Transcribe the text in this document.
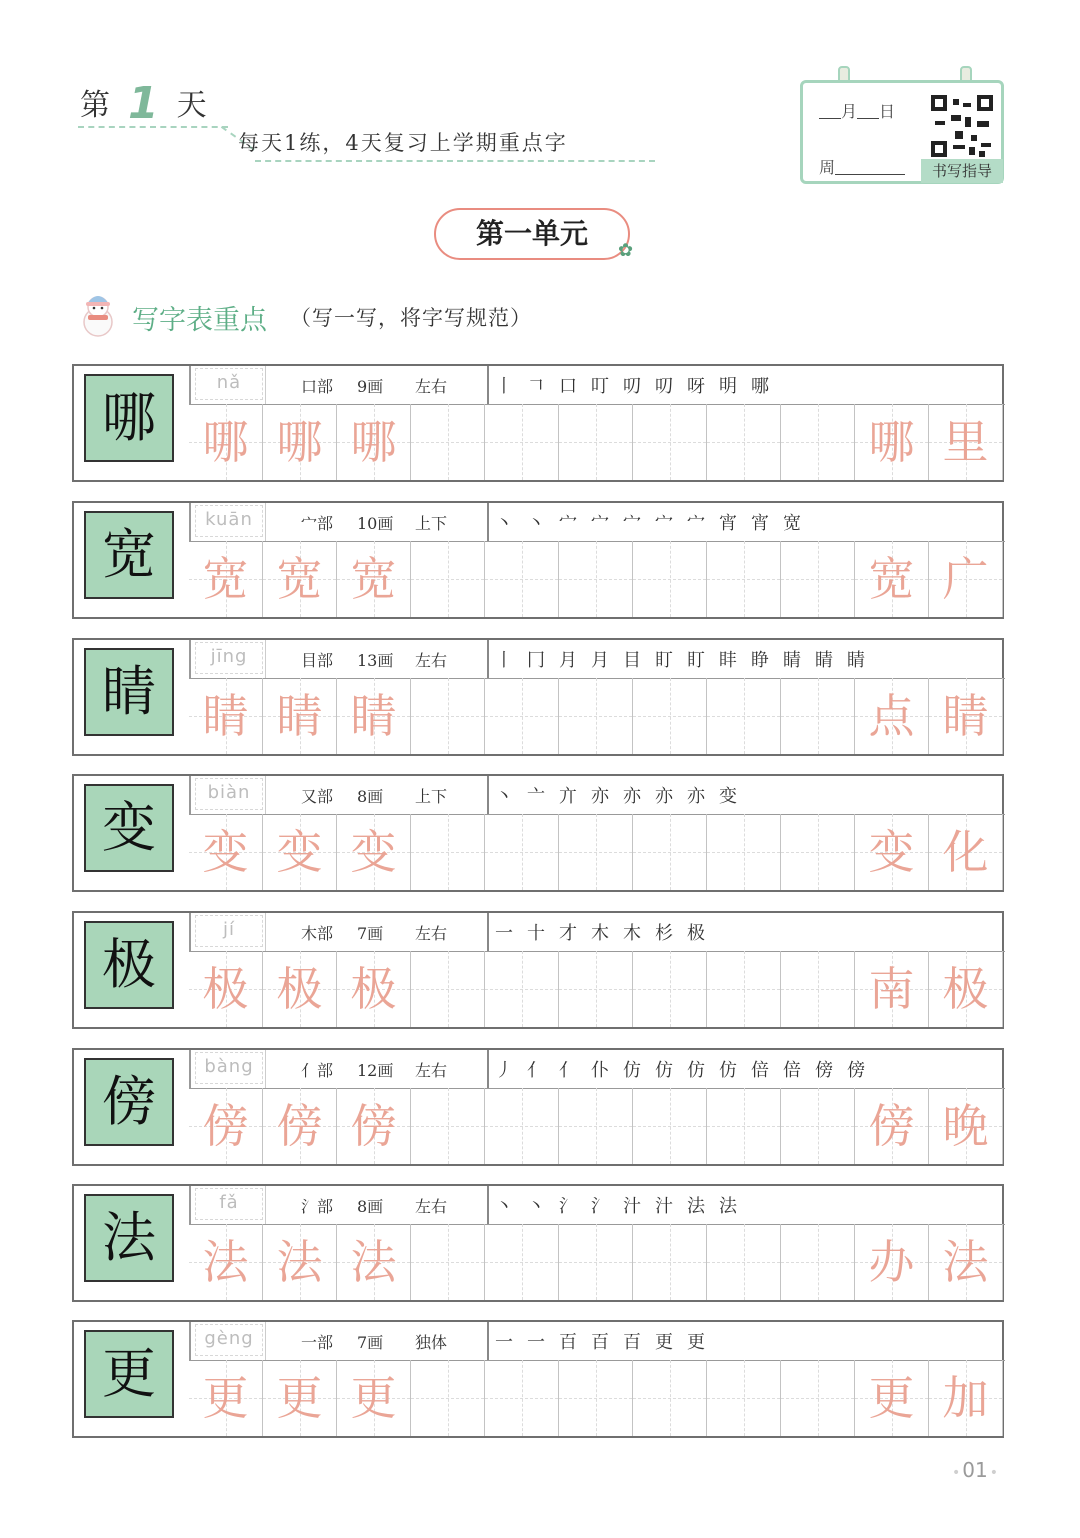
第 1 天
每天1练，4天复习上学期重点字
月 日
周	书写指导
第一单元
✿
写字表重点 （写一写，将字写规范）
哪
nǎ	口部 9画 左右	丨 𠃍 口 叮 叨 叨 呀 明 哪
哪 哪 哪	哪 里
宽
kuān	宀部 10画 上下	丶 丶 宀 宀 宀 宀 宀 宵 宵 宽
宽 宽 宽	宽 广
睛
jīng	目部 13画 左右	丨 冂 月 月 目 盯 盯 盽 睁 睛 睛 睛
睛 睛 睛	点 睛
变
biàn	又部 8画 上下	丶 亠 亣 亦 亦 亦 亦 变
变 变 变	变 化
极
jí	木部 7画 左右	一 十 才 木 木 杉 极
极 极 极	南 极
傍
bàng	亻部 12画 左右	丿 亻 亻 仆 仿 仿 仿 仿 倍 倍 傍 傍
傍 傍 傍	傍 晚
法
fǎ	氵部 8画 左右	丶 丶 氵 氵 汁 汁 法 法
法 法 法	办 法
更
gèng	一部 7画 独体	一 一 百 百 百 更 更
更 更 更	更 加
• 01 •
